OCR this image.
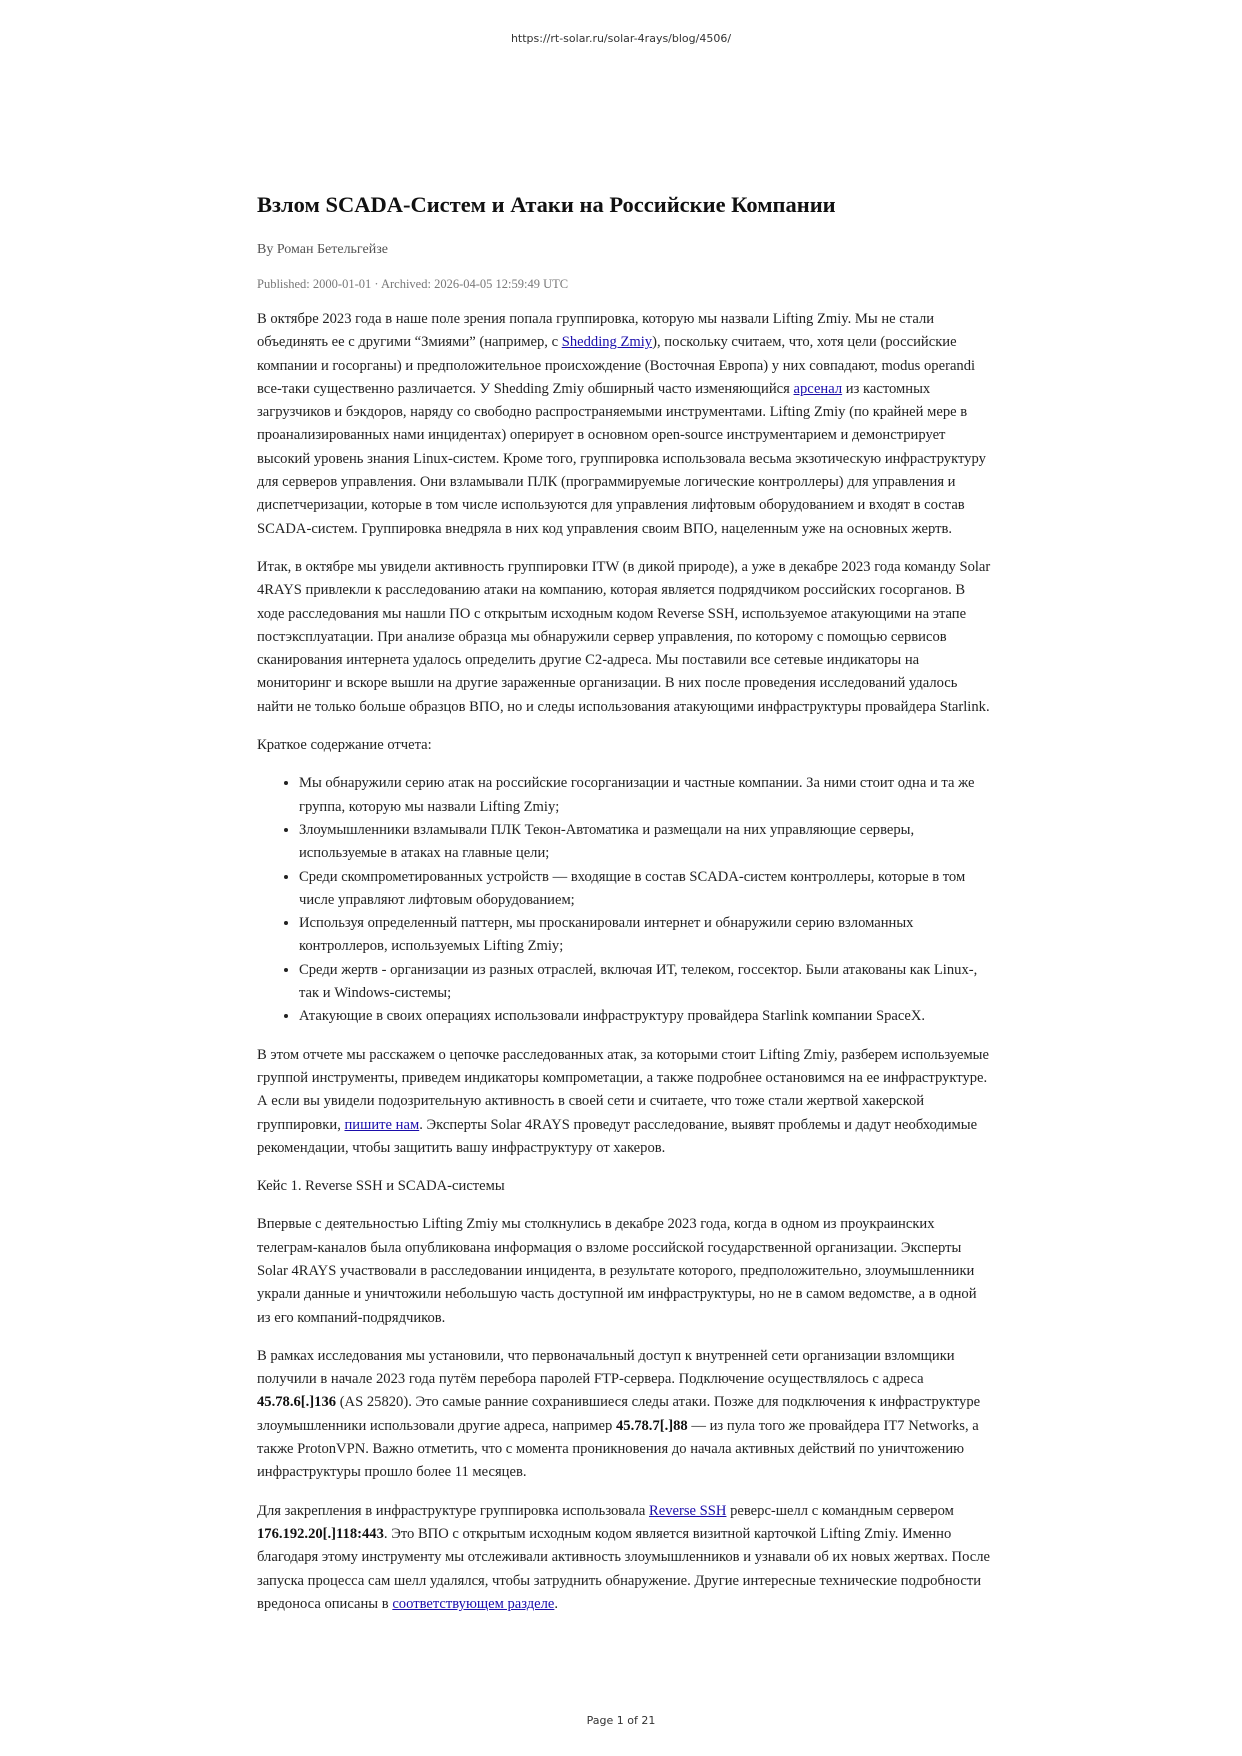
https://rt-solar.ru/solar-4rays/blog/4506/
Взлом SCADA-Систем и Атаки на Российские Компании
By Роман Бетельгейзе
Published: 2000-01-01 · Archived: 2026-04-05 12:59:49 UTC

В октябре 2023 года в наше поле зрения попала группировка, которую мы назвали Lifting Zmiy. Мы не стали объединять ее с другими “Змиями” (например, с Shedding Zmiy), поскольку считаем, что, хотя цели (российские компании и госорганы) и предположительное происхождение (Восточная Европа) у них совпадают, modus operandi все-таки существенно различается. У Shedding Zmiy обширный часто изменяющийся арсенал из кастомных загрузчиков и бэкдоров, наряду со свободно распространяемыми инструментами. Lifting Zmiy (по крайней мере в проанализированных нами инцидентах) оперирует в основном open-source инструментарием и демонстрирует высокий уровень знания Linux-систем. Кроме того, группировка использовала весьма экзотическую инфраструктуру для серверов управления. Они взламывали ПЛК (программируемые логические контроллеры) для управления и диспетчеризации, которые в том числе используются для управления лифтовым оборудованием и входят в состав SCADA-систем. Группировка внедряла в них код управления своим ВПО, нацеленным уже на основных жертв.

Итак, в октябре мы увидели активность группировки ITW (в дикой природе), а уже в декабре 2023 года команду Solar 4RAYS привлекли к расследованию атаки на компанию, которая является подрядчиком российских госорганов. В ходе расследования мы нашли ПО с открытым исходным кодом Reverse SSH, используемое атакующими на этапе постэксплуатации. При анализе образца мы обнаружили сервер управления, по которому с помощью сервисов сканирования интернета удалось определить другие C2-адреса. Мы поставили все сетевые индикаторы на мониторинг и вскоре вышли на другие зараженные организации. В них после проведения исследований удалось найти не только больше образцов ВПО, но и следы использования атакующими инфраструктуры провайдера Starlink.

Краткое содержание отчета:

• Мы обнаружили серию атак на российские госорганизации и частные компании. За ними стоит одна и та же группа, которую мы назвали Lifting Zmiy;
• Злоумышленники взламывали ПЛК Текон-Автоматика и размещали на них управляющие серверы, используемые в атаках на главные цели;
• Среди скомпрометированных устройств — входящие в состав SCADA-систем контроллеры, которые в том числе управляют лифтовым оборудованием;
• Используя определенный паттерн, мы просканировали интернет и обнаружили серию взломанных контроллеров, используемых Lifting Zmiy;
• Среди жертв - организации из разных отраслей, включая ИТ, телеком, госсектор. Были атакованы как Linux-, так и Windows-системы;
• Атакующие в своих операциях использовали инфраструктуру провайдера Starlink компании SpaceX.

В этом отчете мы расскажем о цепочке расследованных атак, за которыми стоит Lifting Zmiy, разберем используемые группой инструменты, приведем индикаторы компрометации, а также подробнее остановимся на ее инфраструктуре. А если вы увидели подозрительную активность в своей сети и считаете, что тоже стали жертвой хакерской группировки, пишите нам. Эксперты Solar 4RAYS проведут расследование, выявят проблемы и дадут необходимые рекомендации, чтобы защитить вашу инфраструктуру от хакеров.

Кейс 1. Reverse SSH и SCADA-системы

Впервые с деятельностью Lifting Zmiy мы столкнулись в декабре 2023 года, когда в одном из проукраинских телеграм-каналов была опубликована информация о взломе российской государственной организации. Эксперты Solar 4RAYS участвовали в расследовании инцидента, в результате которого, предположительно, злоумышленники украли данные и уничтожили небольшую часть доступной им инфраструктуры, но не в самом ведомстве, а в одной из его компаний-подрядчиков.

В рамках исследования мы установили, что первоначальный доступ к внутренней сети организации взломщики получили в начале 2023 года путём перебора паролей FTP-сервера. Подключение осуществлялось с адреса 45.78.6[.]136 (AS 25820). Это самые ранние сохранившиеся следы атаки. Позже для подключения к инфраструктуре злоумышленники использовали другие адреса, например 45.78.7[.]88 — из пула того же провайдера IT7 Networks, а также ProtonVPN. Важно отметить, что с момента проникновения до начала активных действий по уничтожению инфраструктуры прошло более 11 месяцев.

Для закрепления в инфраструктуре группировка использовала Reverse SSH реверс-шелл с командным сервером 176.192.20[.]118:443. Это ВПО с открытым исходным кодом является визитной карточкой Lifting Zmiy. Именно благодаря этому инструменту мы отслеживали активность злоумышленников и узнавали об их новых жертвах. После запуска процесса сам шелл удалялся, чтобы затруднить обнаружение. Другие интересные технические подробности вредоноса описаны в соответствующем разделе.

Page 1 of 21
